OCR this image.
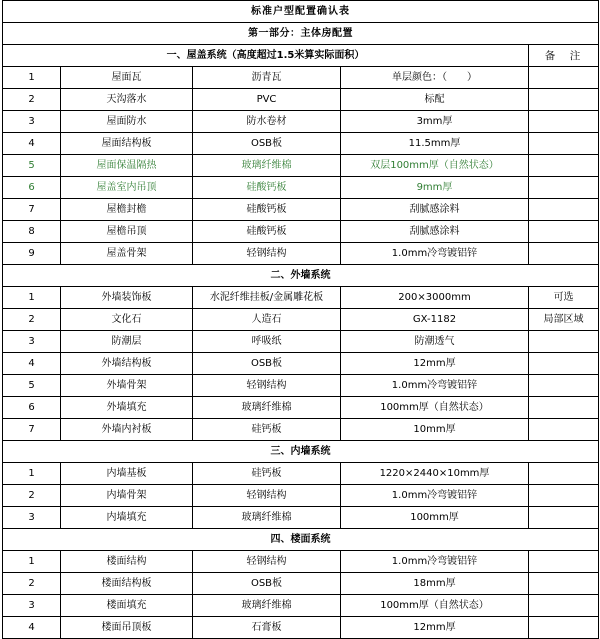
标准户型配置确认表				
第一部分：主体房配置				
一、屋盖系统（高度超过1.5米算实际面积）				备　注
1	屋面瓦	沥青瓦	单层颜色：（　　）	
2	天沟落水	PVC	标配	
3	屋面防水	防水卷材	3mm厚	
4	屋面结构板	OSB板	11.5mm厚	
5	屋面保温隔热	玻璃纤维棉	双层100mm厚（自然状态）	
6	屋盖室内吊顶	硅酸钙板	9mm厚	
7	屋檐封檐	硅酸钙板	刮腻感涂料	
8	屋檐吊顶	硅酸钙板	刮腻感涂料	
9	屋盖骨架	轻钢结构	1.0mm冷弯镀铝锌	
二、外墙系统				
1	外墙装饰板	水泥纤维挂板/金属雕花板	200×3000mm	可选
2	文化石	人造石	GX-1182	局部区域
3	防潮层	呼吸纸	防潮透气	
4	外墙结构板	OSB板	12mm厚	
5	外墙骨架	轻钢结构	1.0mm冷弯镀铝锌	
6	外墙填充	玻璃纤维棉	100mm厚（自然状态）	
7	外墙内衬板	硅钙板	10mm厚	
三、内墙系统				
1	内墙基板	硅钙板	1220×2440×10mm厚	
2	内墙骨架	轻钢结构	1.0mm冷弯镀铝锌	
3	内墙填充	玻璃纤维棉	100mm厚	
四、楼面系统				
1	楼面结构	轻钢结构	1.0mm冷弯镀铝锌	
2	楼面结构板	OSB板	18mm厚	
3	楼面填充	玻璃纤维棉	100mm厚（自然状态）	
4	楼面吊顶板	石膏板	12mm厚	
